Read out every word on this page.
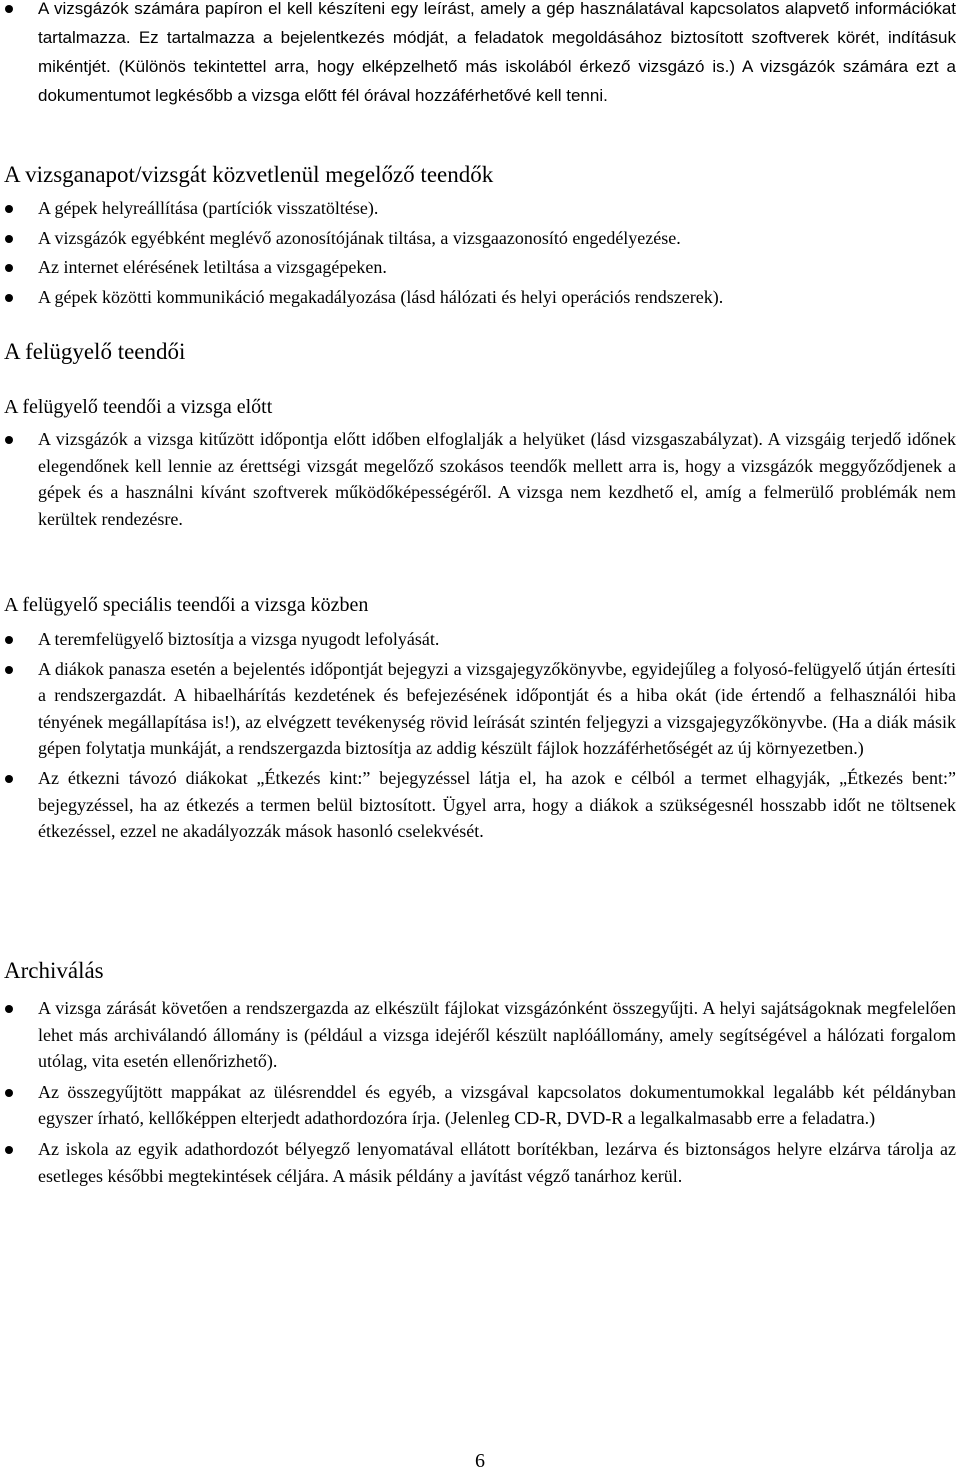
A vizsgázók számára papíron el kell készíteni egy leírást, amely a gép használatával kapcsolatos alapvető információkat tartalmazza. Ez tartalmazza a bejelentkezés módját, a feladatok megoldásához biztosított szoftverek körét, indításuk mikéntjét. (Különös tekintettel arra, hogy elképzelhető más iskolából érkező vizsgázó is.) A vizsgázók számára ezt a dokumentumot legkésőbb a vizsga előtt fél órával hozzáférhetővé kell tenni.
A vizsganapot/vizsgát közvetlenül megelőző teendők
A gépek helyreállítása (partíciók visszatöltése).
A vizsgázók egyébként meglévő azonosítójának tiltása, a vizsgaazonosító engedélyezése.
Az internet elérésének letiltása a vizsgagépeken.
A gépek közötti kommunikáció megakadályozása (lásd hálózati és helyi operációs rendszerek).
A felügyelő teendői
A felügyelő teendői a vizsga előtt
A vizsgázók a vizsga kitűzött időpontja előtt időben elfoglalják a helyüket (lásd vizsgaszabályzat). A vizsgáig terjedő időnek elegendőnek kell lennie az érettségi vizsgát megelőző szokásos teendők mellett arra is, hogy a vizsgázók meggyőződjenek a gépek és a használni kívánt szoftverek működőképességéről. A vizsga nem kezdhető el, amíg a felmerülő problémák nem kerültek rendezésre.
A felügyelő speciális teendői a vizsga közben
A teremfelügyelő biztosítja a vizsga nyugodt lefolyását.
A diákok panasza esetén a bejelentés időpontját bejegyzi a vizsgajegyzőkönyvbe, egyidejűleg a folyosó-felügyelő útján értesíti a rendszergazdát. A hibaelhárítás kezdetének és befejezésének időpontját és a hiba okát (ide értendő a felhasználói hiba tényének megállapítása is!), az elvégzett tevékenység rövid leírását szintén feljegyzi a vizsgajegyzőkönyvbe. (Ha a diák másik gépen folytatja munkáját, a rendszergazda biztosítja az addig készült fájlok hozzáférhetőségét az új környezetben.)
Az étkezni távozó diákokat „Étkezés kint:” bejegyzéssel látja el, ha azok e célból a termet elhagyják, „Étkezés bent:” bejegyzéssel, ha az étkezés a termen belül biztosított. Ügyel arra, hogy a diákok a szükségesnél hosszabb időt ne töltsenek étkezéssel, ezzel ne akadályozzák mások hasonló cselekvését.
Archiválás
A vizsga zárását követően a rendszergazda az elkészült fájlokat vizsgázónként összegyűjti. A helyi sajátságoknak megfelelően lehet más archiválandó állomány is (például a vizsga idejéről készült naplóállomány, amely segítségével a hálózati forgalom utólag, vita esetén ellenőrizhető).
Az összegyűjtött mappákat az ülésrenddel és egyéb, a vizsgával kapcsolatos dokumentumokkal legalább két példányban egyszer írható, kellőképpen elterjedt adathordozóra írja. (Jelenleg CD-R, DVD-R a legalkalmasabb erre a feladatra.)
Az iskola az egyik adathordozót bélyegző lenyomatával ellátott borítékban, lezárva és biztonságos helyre elzárva tárolja az esetleges későbbi megtekintések céljára. A másik példány a javítást végző tanárhoz kerül.
6
